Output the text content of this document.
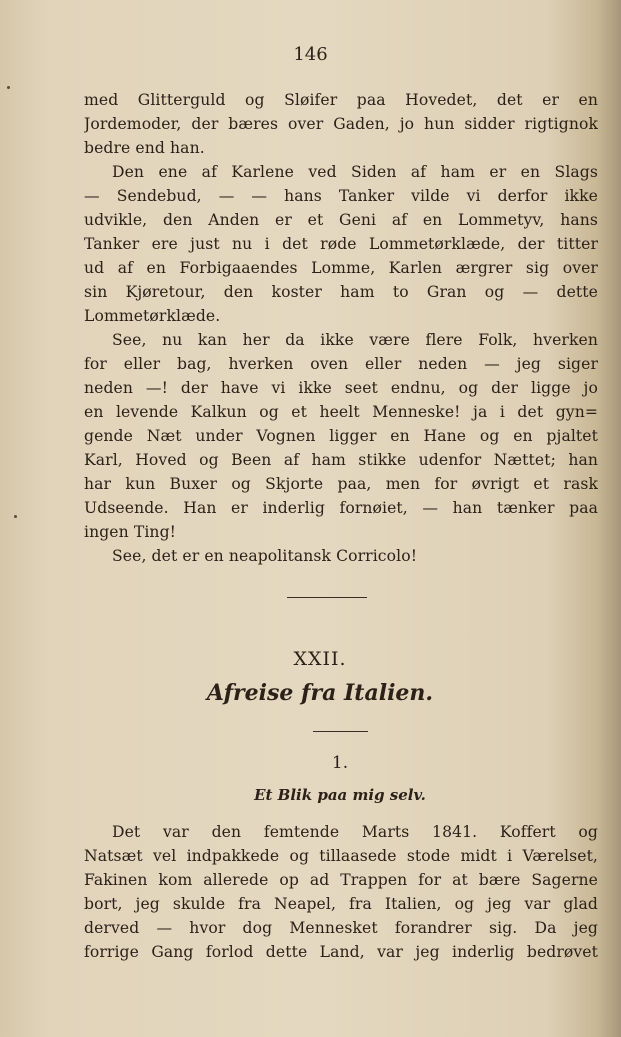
146
med Glitterguld og Sløifer paa Hovedet, det er en
Jordemoder, der bæres over Gaden, jo hun sidder rigtignok
bedre end han.
Den ene af Karlene ved Siden af ham er en Slags
— Sendebud, — — hans Tanker vilde vi derfor ikke
udvikle, den Anden er et Geni af en Lommetyv, hans
Tanker ere just nu i det røde Lommetørklæde, der titter
ud af en Forbigaaendes Lomme, Karlen ærgrer sig over
sin Kjøretour, den koster ham to Gran og — dette
Lommetørklæde.
See, nu kan her da ikke være flere Folk, hverken
for eller bag, hverken oven eller neden — jeg siger
neden —! der have vi ikke seet endnu, og der ligge jo
en levende Kalkun og et heelt Menneske! ja i det gyn=
gende Næt under Vognen ligger en Hane og en pjaltet
Karl, Hoved og Been af ham stikke udenfor Nættet; han
har kun Buxer og Skjorte paa, men for øvrigt et rask
Udseende. Han er inderlig fornøiet, — han tænker paa
ingen Ting!
See, det er en neapolitansk Corricolo!
XXII.
Afreise fra Italien.
1.
Et Blik paa mig selv.
Det var den femtende Marts 1841. Koffert og
Natsæt vel indpakkede og tillaasede stode midt i Værelset,
Fakinen kom allerede op ad Trappen for at bære Sagerne
bort, jeg skulde fra Neapel, fra Italien, og jeg var glad
derved — hvor dog Mennesket forandrer sig. Da jeg
forrige Gang forlod dette Land, var jeg inderlig bedrøvet
